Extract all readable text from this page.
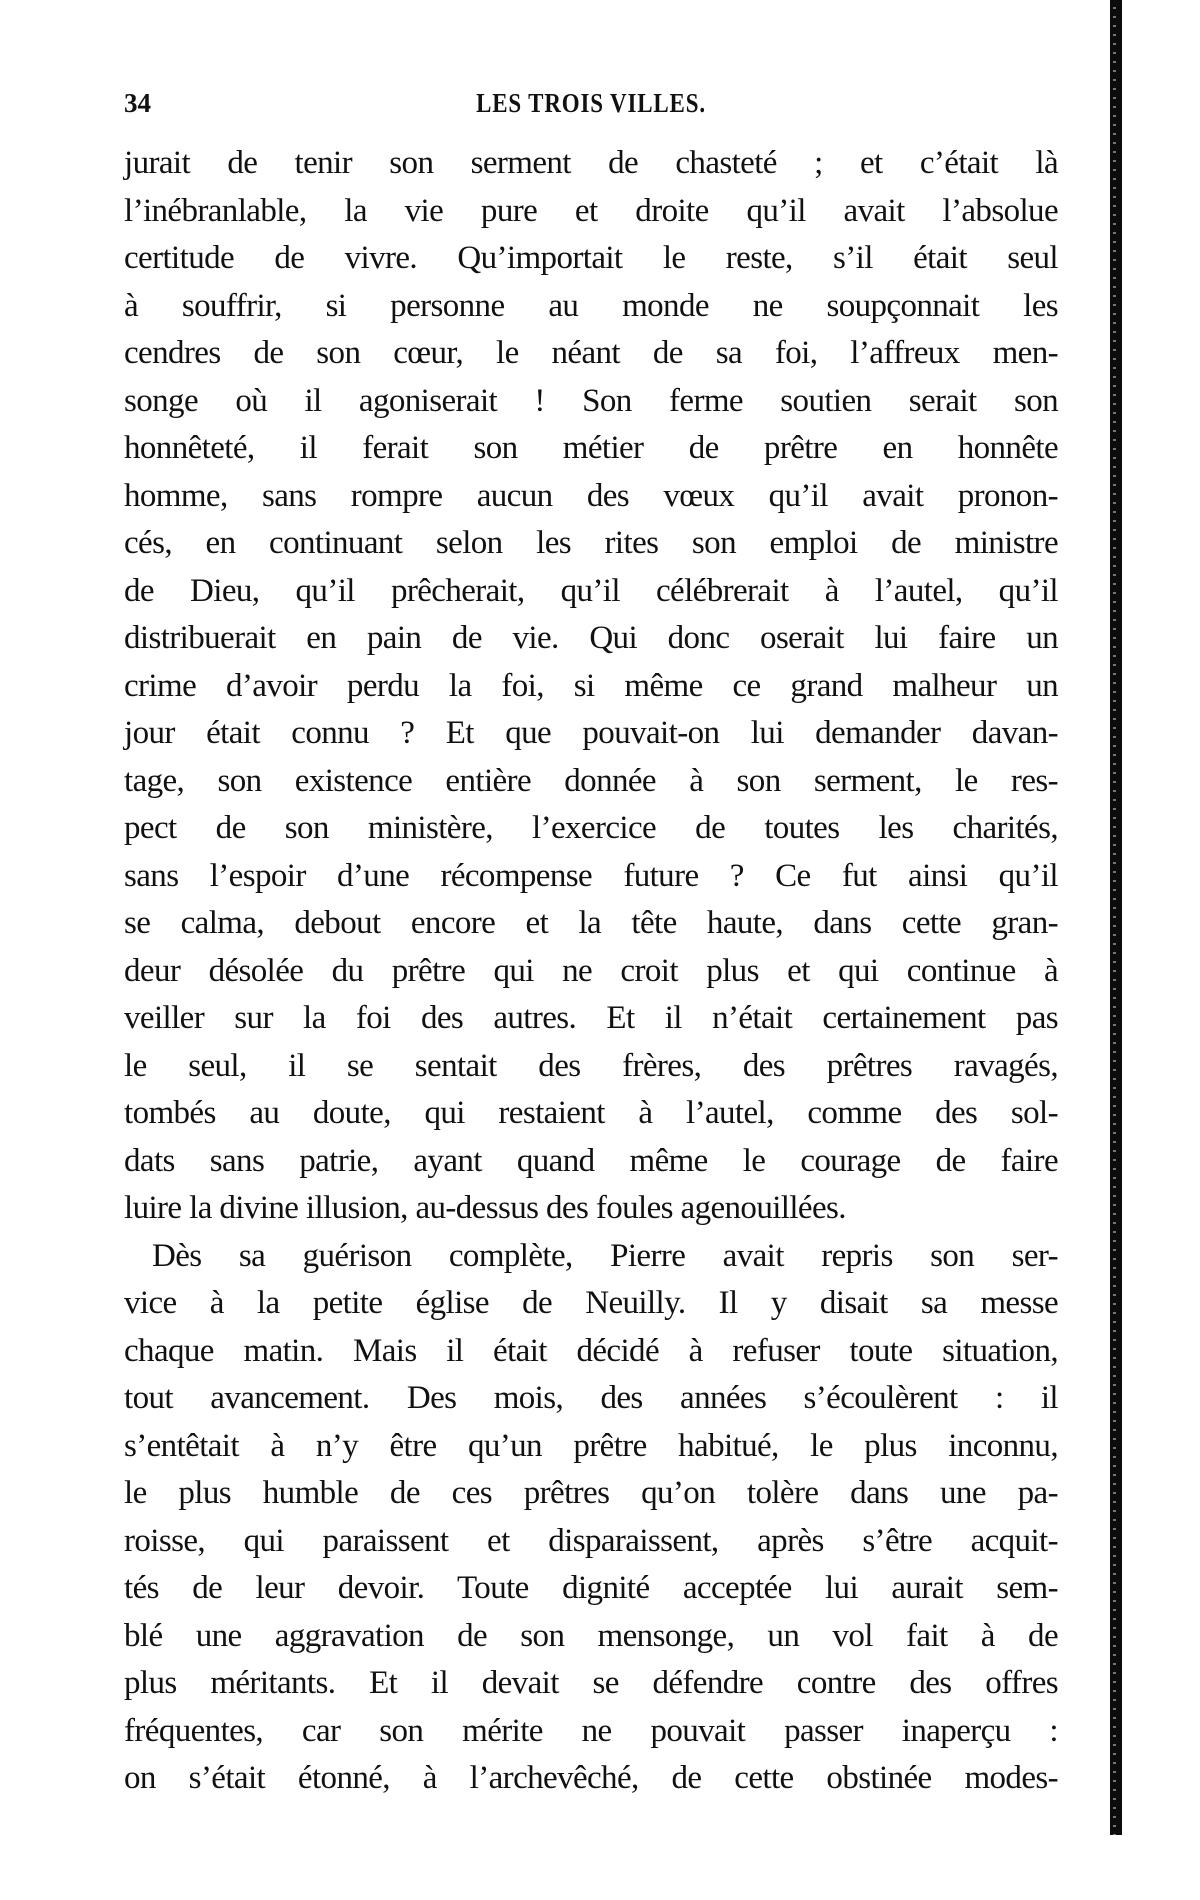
34	LES TROIS VILLES.
jurait de tenir son serment de chasteté ; et c’était là
l’inébranlable, la vie pure et droite qu’il avait l’absolue
certitude de vivre. Qu’importait le reste, s’il était seul
à souffrir, si personne au monde ne soupçonnait les
cendres de son cœur, le néant de sa foi, l’affreux men-
songe où il agoniserait ! Son ferme soutien serait son
honnêteté, il ferait son métier de prêtre en honnête
homme, sans rompre aucun des vœux qu’il avait pronon-
cés, en continuant selon les rites son emploi de ministre
de Dieu, qu’il prêcherait, qu’il célébrerait à l’autel, qu’il
distribuerait en pain de vie. Qui donc oserait lui faire un
crime d’avoir perdu la foi, si même ce grand malheur un
jour était connu ? Et que pouvait-on lui demander davan-
tage, son existence entière donnée à son serment, le res-
pect de son ministère, l’exercice de toutes les charités,
sans l’espoir d’une récompense future ? Ce fut ainsi qu’il
se calma, debout encore et la tête haute, dans cette gran-
deur désolée du prêtre qui ne croit plus et qui continue à
veiller sur la foi des autres. Et il n’était certainement pas
le seul, il se sentait des frères, des prêtres ravagés,
tombés au doute, qui restaient à l’autel, comme des sol-
dats sans patrie, ayant quand même le courage de faire
luire la divine illusion, au-dessus des foules agenouillées.
Dès sa guérison complète, Pierre avait repris son ser-
vice à la petite église de Neuilly. Il y disait sa messe
chaque matin. Mais il était décidé à refuser toute situation,
tout avancement. Des mois, des années s’écoulèrent : il
s’entêtait à n’y être qu’un prêtre habitué, le plus inconnu,
le plus humble de ces prêtres qu’on tolère dans une pa-
roisse, qui paraissent et disparaissent, après s’être acquit-
tés de leur devoir. Toute dignité acceptée lui aurait sem-
blé une aggravation de son mensonge, un vol fait à de
plus méritants. Et il devait se défendre contre des offres
fréquentes, car son mérite ne pouvait passer inaperçu :
on s’était étonné, à l’archevêché, de cette obstinée modes-
